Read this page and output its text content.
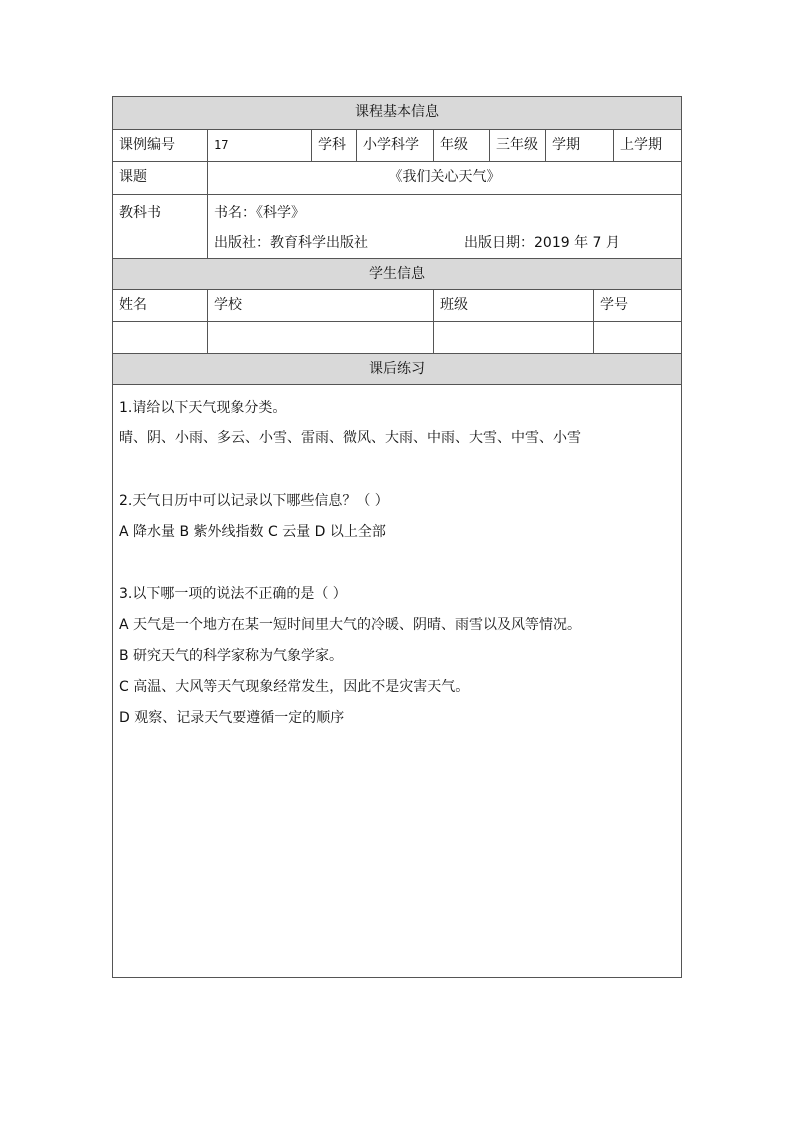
课程基本信息
课例编号	17	学科	小学科学	年级	三年级	学期	上学期
课题	《我们关心天气》
教科书	书名：《科学》
出版社：教育科学出版社	出版日期：2019 年 7 月
学生信息
姓名	学校	班级	学号
课后练习
1.请给以下天气现象分类。
晴、阴、小雨、多云、小雪、雷雨、微风、大雨、中雨、大雪、中雪、小雪
2.天气日历中可以记录以下哪些信息？（ ）
A 降水量 B 紫外线指数 C 云量 D 以上全部
3.以下哪一项的说法不正确的是（ ）
A 天气是一个地方在某一短时间里大气的冷暖、阴晴、雨雪以及风等情况。
B 研究天气的科学家称为气象学家。
C 高温、大风等天气现象经常发生，因此不是灾害天气。
D 观察、记录天气要遵循一定的顺序
